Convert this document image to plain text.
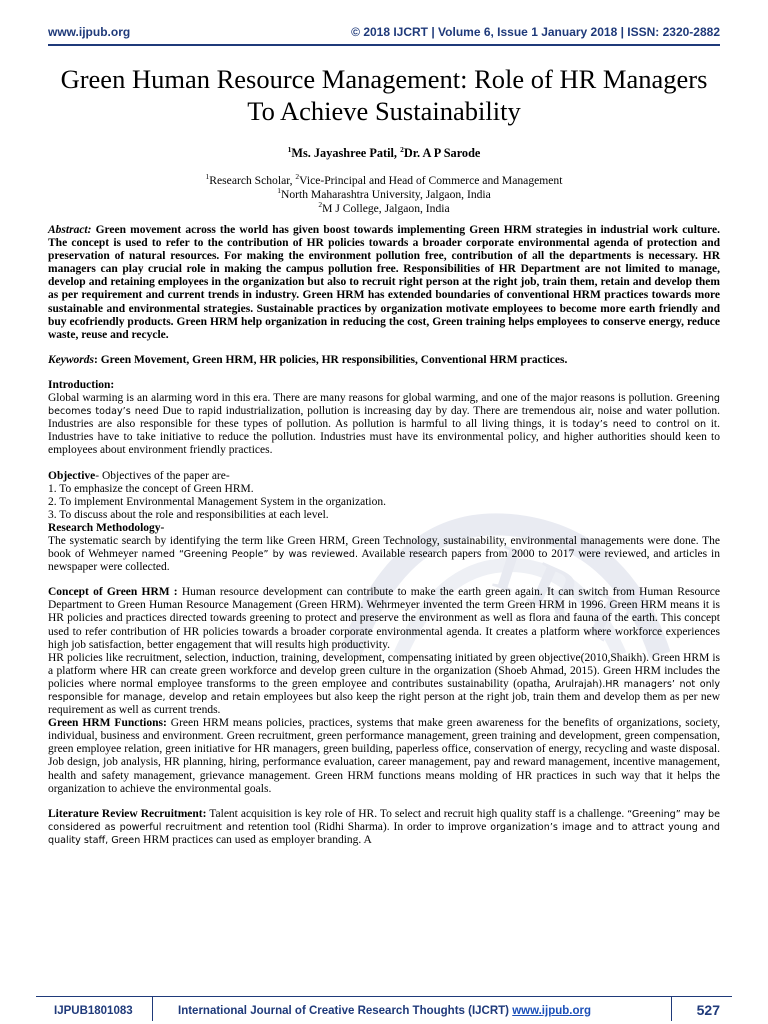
www.ijpub.org	© 2018 IJCRT | Volume 6, Issue 1 January 2018 | ISSN: 2320-2882
I
R
T
Green Human Resource Management: Role of HR Managers To Achieve Sustainability
$^1$Ms. Jayashree Patil, $^2$Dr. A P Sarode
$^1$Research Scholar, $^2$Vice-Principal and Head of Commerce and Management
$^1$North Maharashtra University, Jalgaon, India
$^2$M J College, Jalgaon, India

Abstract: Green movement across the world has given boost towards implementing Green HRM strategies in industrial work culture. The concept is used to refer to the contribution of HR policies towards a broader corporate environmental agenda of protection and preservation of natural resources. For making the environment pollution free, contribution of all the departments is necessary. HR managers can play crucial role in making the campus pollution free. Responsibilities of HR Department are not limited to manage, develop and retaining employees in the organization but also to recruit right person at the right job, train them, retain and develop them as per requirement and current trends in industry. Green HRM has extended boundaries of conventional HRM practices towards more sustainable and environmental strategies. Sustainable practices by organization motivate employees to become more earth friendly and buy ecofriendly products. Green HRM help organization in reducing the cost, Green training helps employees to conserve energy, reduce waste, reuse and recycle.

Keywords: Green Movement, Green HRM, HR policies, HR responsibilities, Conventional HRM practices.

Introduction:

Global warming is an alarming word in this era. There are many reasons for global warming, and one of the major reasons is pollution. Greening becomes today’s need Due to rapid industrialization, pollution is increasing day by day. There are tremendous air, noise and water pollution. Industries are also responsible for these types of pollution. As pollution is harmful to all living things, it is today’s need to control on it. Industries have to take initiative to reduce the pollution. Industries must have its environmental policy, and higher authorities should keen to employees about environment friendly practices.

Objective- Objectives of the paper are-

1. To emphasize the concept of Green HRM.

2. To implement Environmental Management System in the organization.

3. To discuss about the role and responsibilities at each level.

Research Methodology-

The systematic search by identifying the term like Green HRM, Green Technology, sustainability, environmental managements were done. The book of Wehmeyer named “Greening People” by was reviewed. Available research papers from 2000 to 2017 were reviewed, and articles in newspaper were collected.

Concept of Green HRM : Human resource development can contribute to make the earth green again. It can switch from Human Resource Department to Green Human Resource Management (Green HRM). Wehrmeyer invented the term Green HRM in 1996. Green HRM means it is HR policies and practices directed towards greening to protect and preserve the environment as well as flora and fauna of the earth. This concept used to refer contribution of HR policies towards a broader corporate environmental agenda. It creates a platform where workforce experiences high job satisfaction, better engagement that will results high productivity.

HR policies like recruitment, selection, induction, training, development, compensating initiated by green objective(2010,Shaikh). Green HRM is a platform where HR can create green workforce and develop green culture in the organization (Shoeb Ahmad, 2015). Green HRM includes the policies where normal employee transforms to the green employee and contributes sustainability (opatha, Arulrajah).HR managers’ not only responsible for manage, develop and retain employees but also keep the right person at the right job, train them and develop them as per new requirement as well as current trends.

Green HRM Functions: Green HRM means policies, practices, systems that make green awareness for the benefits of organizations, society, individual, business and environment. Green recruitment, green performance management, green training and development, green compensation, green employee relation, green initiative for HR managers, green building, paperless office, conservation of energy, recycling and waste disposal. Job design, job analysis, HR planning, hiring, performance evaluation, career management, pay and reward management, incentive management, health and safety management, grievance management. Green HRM functions means molding of HR practices in such way that it helps the organization to achieve the environmental goals.

Literature Review Recruitment: Talent acquisition is key role of HR. To select and recruit high quality staff is a challenge. “Greening” may be considered as powerful recruitment and retention tool (Ridhi Sharma). In order to improve organization’s image and to attract young and quality staff, Green HRM practices can used as employer branding. A

IJPUB1801083	International Journal of Creative Research Thoughts (IJCRT) www.ijpub.org	527
